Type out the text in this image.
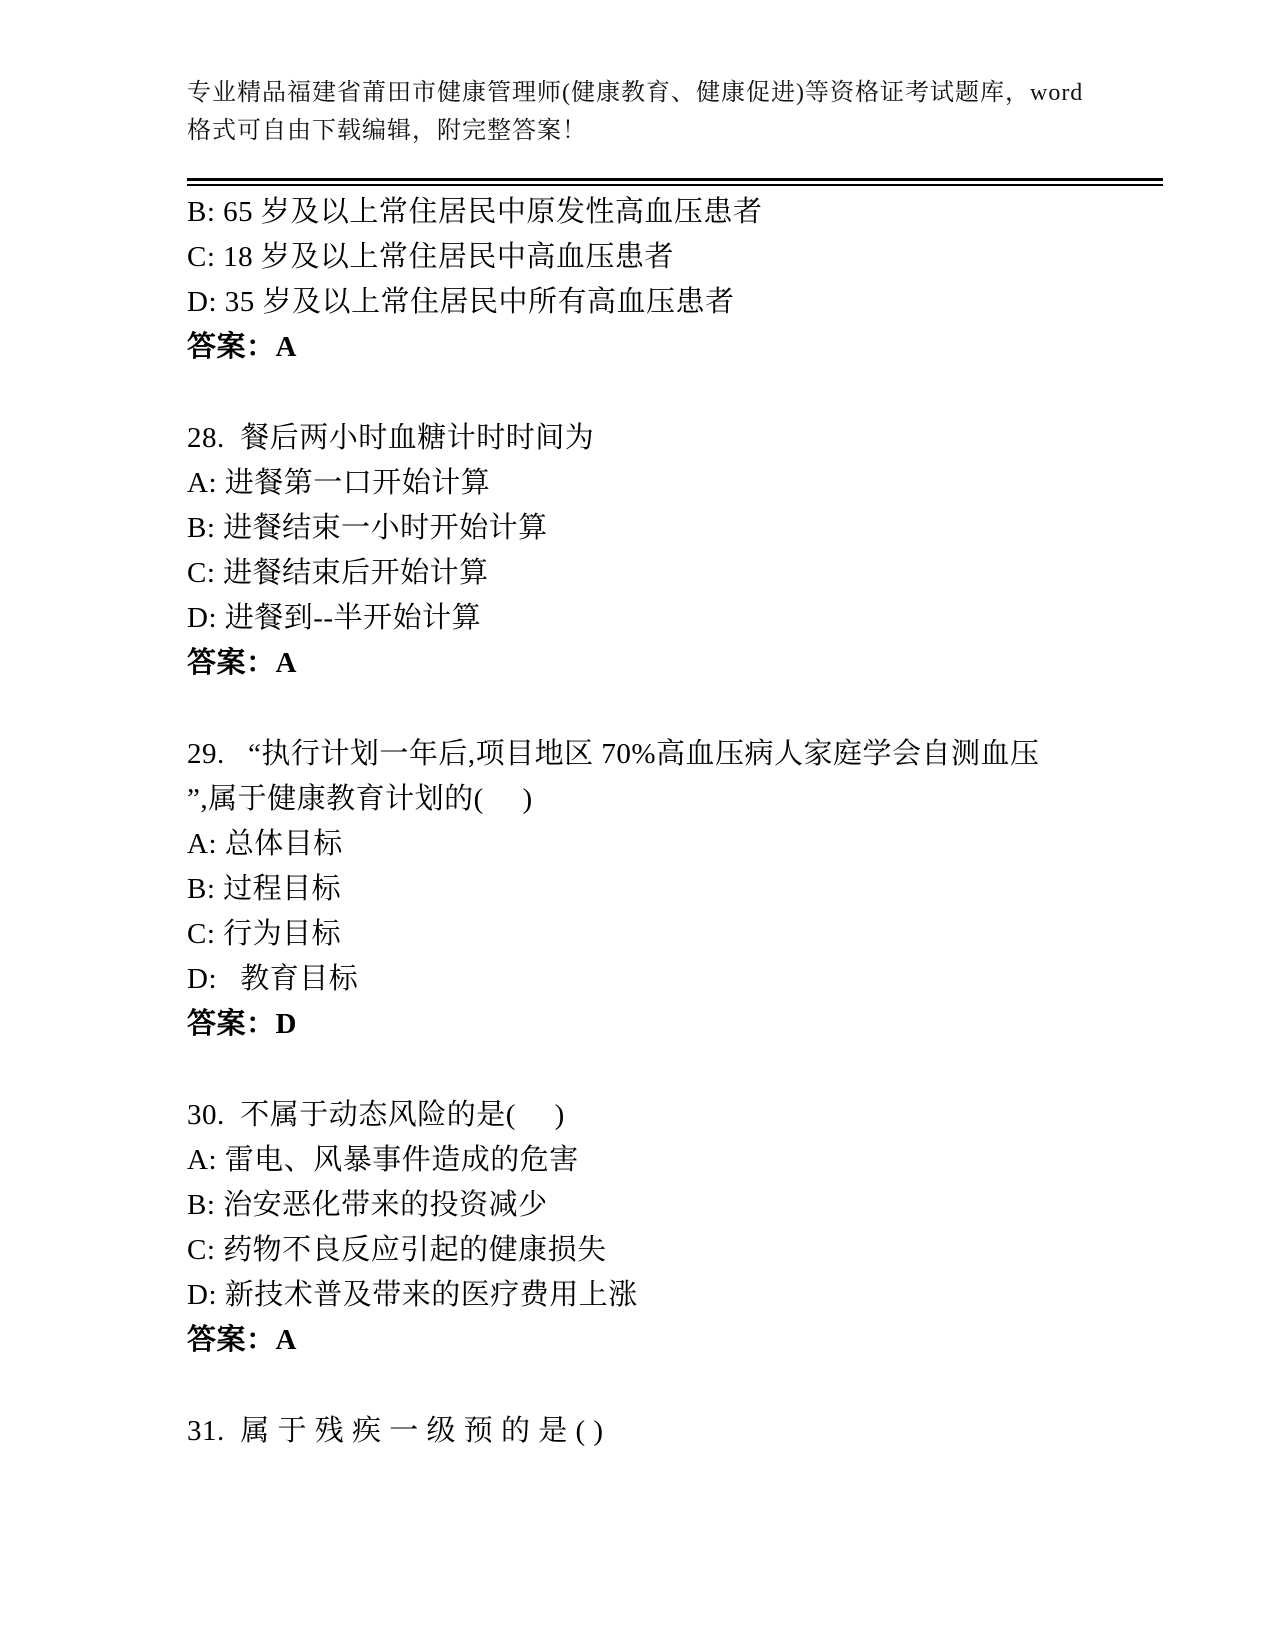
专业精品福建省莆田市健康管理师(健康教育、健康促进)等资格证考试题库，word

格式可自由下载编辑，附完整答案！

B: 65 岁及以上常住居民中原发性高血压患者

C: 18 岁及以上常住居民中高血压患者

D: 35 岁及以上常住居民中所有高血压患者

答案：A

28.  餐后两小时血糖计时时间为

A: 进餐第一口开始计算

B: 进餐结束一小时开始计算

C: 进餐结束后开始计算

D: 进餐到--半开始计算

答案：A

29.   “执行计划一年后,项目地区 70%高血压病人家庭学会自测血压

”,属于健康教育计划的(     )

A: 总体目标

B: 过程目标

C: 行为目标

D:   教育目标

答案：D

30.  不属于动态风险的是(     )

A: 雷电、风暴事件造成的危害

B: 治安恶化带来的投资减少

C: 药物不良反应引起的健康损失

D: 新技术普及带来的医疗费用上涨

答案：A

31.  属 于 残 疾 一 级 预 的 是 ( )
